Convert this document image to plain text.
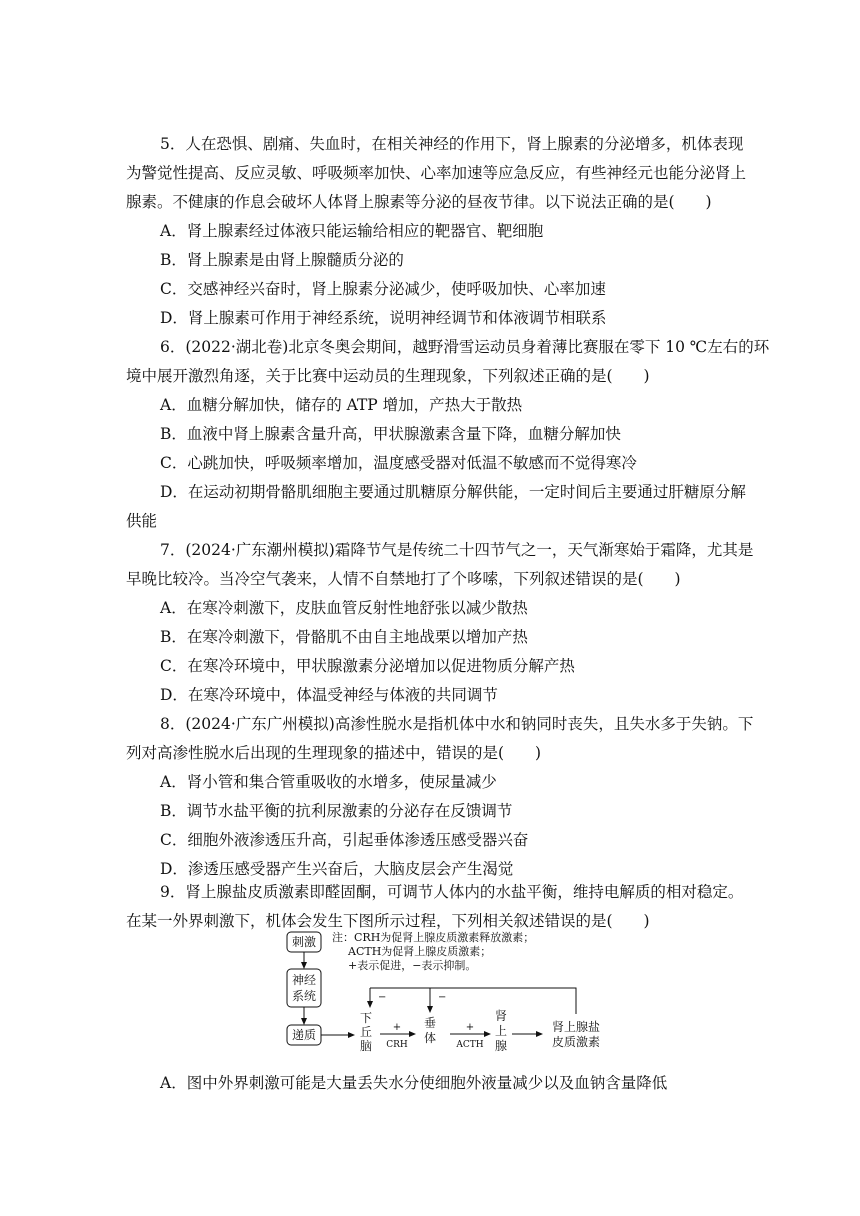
5．人在恐惧、剧痛、失血时，在相关神经的作用下，肾上腺素的分泌增多，机体表现
为警觉性提高、反应灵敏、呼吸频率加快、心率加速等应急反应，有些神经元也能分泌肾上
腺素。不健康的作息会破坏人体肾上腺素等分泌的昼夜节律。以下说法正确的是(　　)
A．肾上腺素经过体液只能运输给相应的靶器官、靶细胞
B．肾上腺素是由肾上腺髓质分泌的
C．交感神经兴奋时，肾上腺素分泌减少，使呼吸加快、心率加速
D．肾上腺素可作用于神经系统，说明神经调节和体液调节相联系
6．(2022·湖北卷)北京冬奥会期间，越野滑雪运动员身着薄比赛服在零下 10 ℃左右的环
境中展开激烈角逐，关于比赛中运动员的生理现象，下列叙述正确的是(　　)
A．血糖分解加快，储存的 ATP 增加，产热大于散热
B．血液中肾上腺素含量升高，甲状腺激素含量下降，血糖分解加快
C．心跳加快，呼吸频率增加，温度感受器对低温不敏感而不觉得寒冷
D．在运动初期骨骼肌细胞主要通过肌糖原分解供能，一定时间后主要通过肝糖原分解
供能
7．(2024·广东潮州模拟)霜降节气是传统二十四节气之一，天气渐寒始于霜降，尤其是
早晚比较冷。当冷空气袭来，人情不自禁地打了个哆嗦，下列叙述错误的是(　　)
A．在寒冷刺激下，皮肤血管反射性地舒张以减少散热
B．在寒冷刺激下，骨骼肌不由自主地战栗以增加产热
C．在寒冷环境中，甲状腺激素分泌增加以促进物质分解产热
D．在寒冷环境中，体温受神经与体液的共同调节
8．(2024·广东广州模拟)高渗性脱水是指机体中水和钠同时丧失，且失水多于失钠。下
列对高渗性脱水后出现的生理现象的描述中，错误的是(　　)
A．肾小管和集合管重吸收的水增多，使尿量减少
B．调节水盐平衡的抗利尿激素的分泌存在反馈调节
C．细胞外液渗透压升高，引起垂体渗透压感受器兴奋
D．渗透压感受器产生兴奋后，大脑皮层会产生渴觉
9．肾上腺盐皮质激素即醛固酮，可调节人体内的水盐平衡，维持电解质的相对稳定。
刺激
神经
系统
递质
注：CRH为促肾上腺皮质激素释放激素；
ACTH为促肾上腺皮质激素；
+表示促进，−表示抑制。
下
丘
脑
+
CRH
垂
体
+
ACTH
肾
上
腺
肾上腺盐
皮质激素
−	−
A．图中外界刺激可能是大量丢失水分使细胞外液量减少以及血钠含量降低
在某一外界刺激下，机体会发生下图所示过程，下列相关叙述错误的是(　　)
